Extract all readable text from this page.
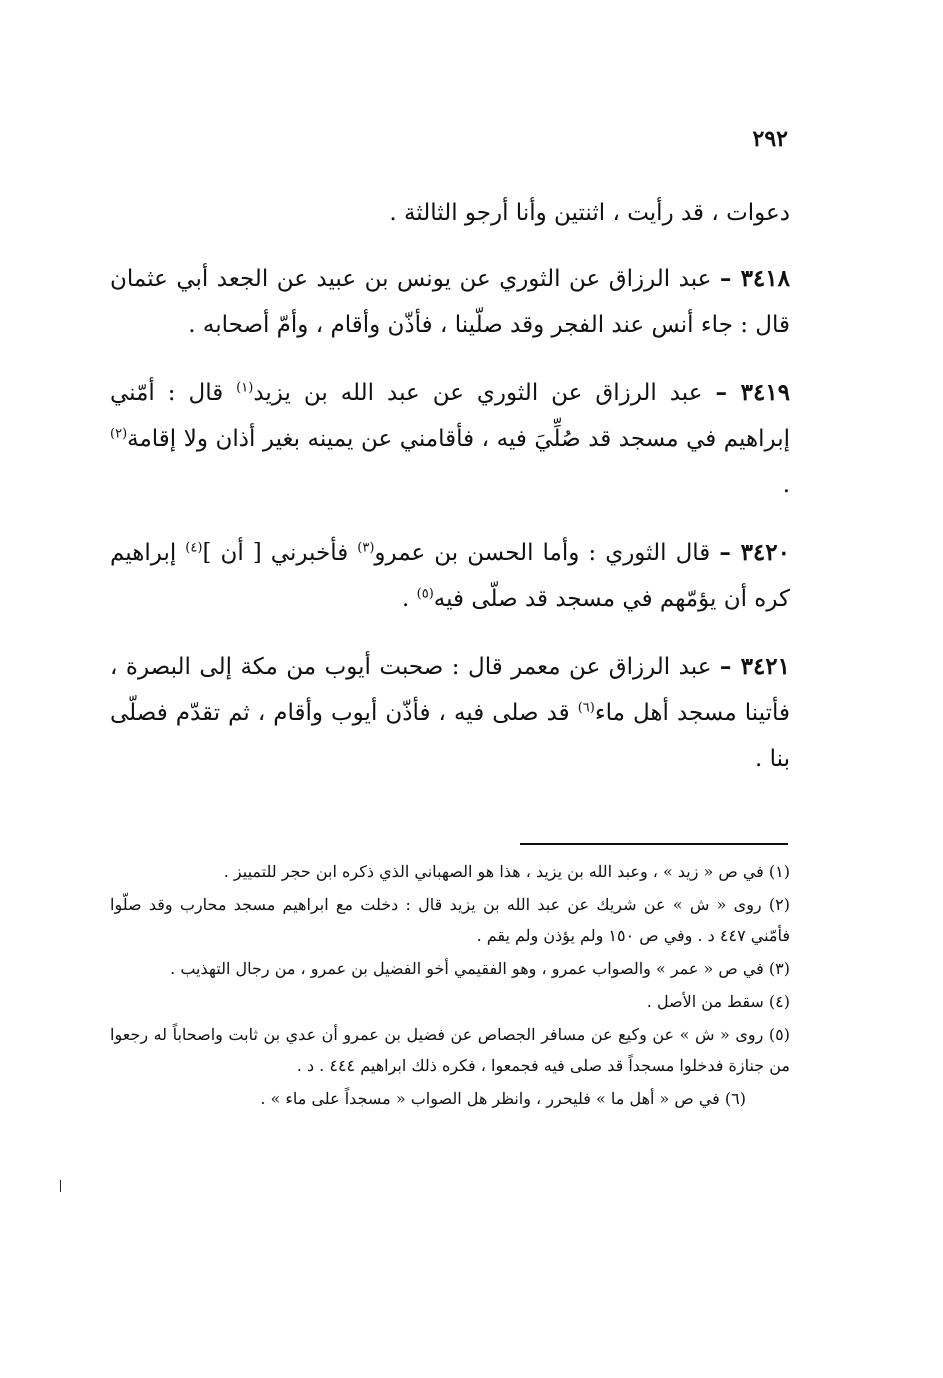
٢٩٢

دعوات ، قد رأيت ، اثنتين وأنا أرجو الثالثة .

٣٤١٨ – عبد الرزاق عن الثوري عن يونس بن عبيد عن الجعد أبي عثمان قال : جاء أنس عند الفجر وقد صلّينا ، فأذّن وأقام ، وأمّ أصحابه .

٣٤١٩ – عبد الرزاق عن الثوري عن عبد الله بن يزيد$^{(١)}$ قال : أمّني إبراهيم في مسجد قد صُلِّيَ فيه ، فأقامني عن يمينه بغير أذان ولا إقامة$^{(٢)}$ .

٣٤٢٠ – قال الثوري : وأما الحسن بن عمرو$^{(٣)}$ فأخبرني [ أن ]$^{(٤)}$ إبراهيم كره أن يؤمّهم في مسجد قد صلّى فيه$^{(٥)}$ .

٣٤٢١ – عبد الرزاق عن معمر قال : صحبت أيوب من مكة إلى البصرة ، فأتينا مسجد أهل ماء$^{(٦)}$ قد صلى فيه ، فأذّن أيوب وأقام ، ثم تقدّم فصلّى بنا .

(١) في ص « زيد » ، وعبد الله بن يزيد ، هذا هو الصهباني الذي ذكره ابن حجر للتمييز .

(٢) روى « ش » عن شريك عن عبد الله بن يزيد قال : دخلت مع ابراهيم مسجد محارب وقد صلّوا فأمّني ٤٤٧ د . وفي ص ١٥٠ ولم يؤذن ولم يقم .

(٣) في ص « عمر » والصواب عمرو ، وهو الفقيمي أخو الفضيل بن عمرو ، من رجال التهذيب .

(٤) سقط من الأصل .

(٥) روى « ش » عن وكيع عن مسافر الجصاص عن فضيل بن عمرو أن عدي بن ثابت واصحاباً له رجعوا من جنازة فدخلوا مسجداً قد صلى فيه فجمعوا ، فكره ذلك ابراهيم ٤٤٤ . د .

(٦) في ص « أهل ما » فليحرر ، وانظر هل الصواب « مسجداً على ماء » .
